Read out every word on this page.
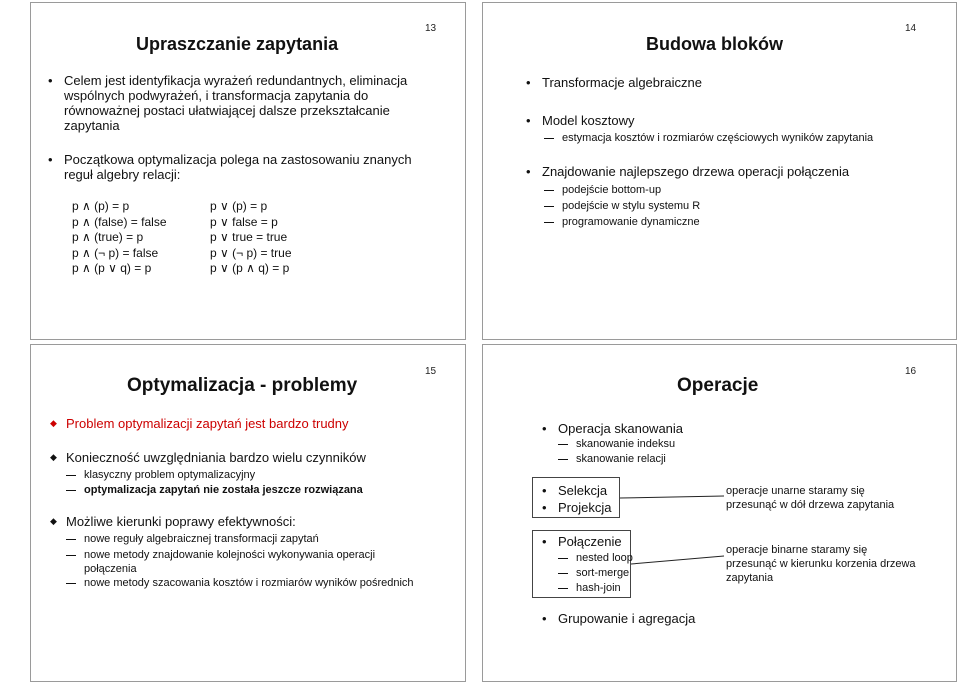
13
Upraszczanie zapytania
• Celem jest identyfikacja wyrażeń redundantnych, eliminacja wspólnych podwyrażeń, i transformacja zapytania do równoważnej postaci ułatwiającej dalsze przekształcanie zapytania
• Początkowa optymalizacja polega na zastosowaniu znanych reguł algebry relacji:
p ∧ (p) = p
p ∧ (false) = false
p ∧ (true) = p
p ∧ (¬ p) = false
p ∧ (p ∨ q) = p
p ∨ (p) = p
p ∨ false = p
p ∨ true = true
p ∨ (¬ p) = true
p ∨ (p ∧ q) = p
14
Budowa bloków
• Transformacje algebraiczne
• Model kosztowy
estymacja kosztów i rozmiarów częściowych wyników zapytania
• Znajdowanie najlepszego drzewa operacji połączenia
podejście bottom-up
podejście w stylu systemu R
programowanie dynamiczne
15
Optymalizacja - problemy
◆ Problem optymalizacji zapytań jest bardzo trudny
◆ Konieczność uwzględniania bardzo wielu czynników
klasyczny problem optymalizacyjny
optymalizacja zapytań nie została jeszcze rozwiązana
◆ Możliwe kierunki poprawy efektywności:
nowe reguły algebraicznej transformacji zapytań
nowe metody znajdowanie kolejności wykonywania operacji połączenia
nowe metody szacowania kosztów i rozmiarów wyników pośrednich
16
Operacje
• Operacja skanowania
skanowanie indeksu
skanowanie relacji
• Selekcja
• Projekcja
• Połączenie
nested loop
sort-merge
hash-join
• Grupowanie i agregacja
operacje unarne staramy się przesunąć w dół drzewa zapytania
operacje binarne staramy się przesunąć w kierunku korzenia drzewa zapytania
